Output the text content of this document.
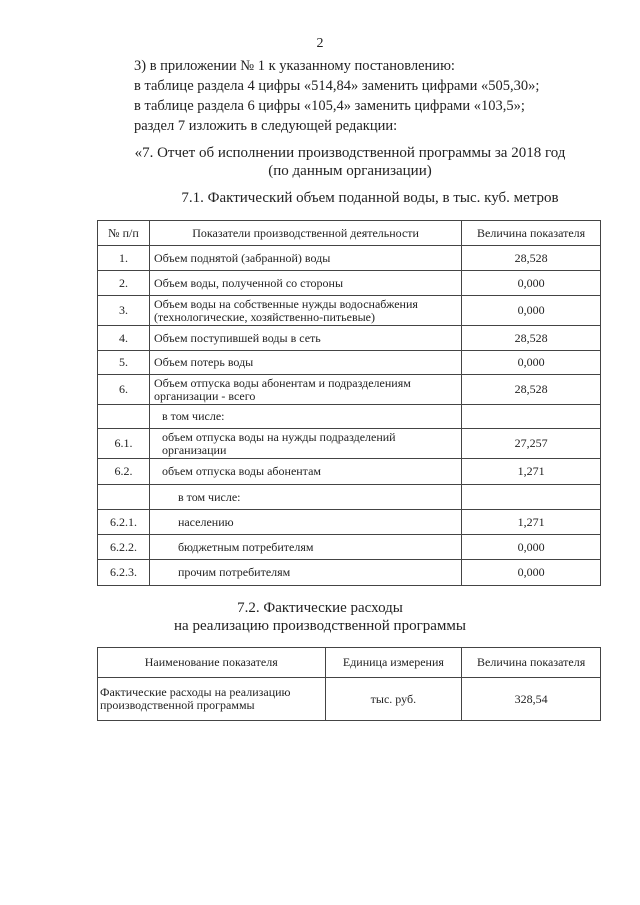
2
3) в приложении № 1 к указанному постановлению:
в таблице раздела 4 цифры «514,84» заменить цифрами «505,30»;
в таблице раздела 6 цифры «105,4» заменить цифрами «103,5»;
раздел 7 изложить в следующей редакции:
«7. Отчет об исполнении производственной программы за 2018 год
(по данным организации)
7.1. Фактический объем поданной воды, в тыс. куб. метров
№ п/п	Показатели производственной деятельности	Величина показателя
1.	Объем поднятой (забранной) воды	28,528
2.	Объем воды, полученной со стороны	0,000
3.	Объем воды на собственные нужды водоснабжения (технологические, хозяйственно-питьевые)	0,000
4.	Объем поступившей воды в сеть	28,528
5.	Объем потерь воды	0,000
6.	Объем отпуска воды абонентам и подразделениям организации - всего	28,528
	в том числе:	
6.1.	объем отпуска воды на нужды подразделений организации	27,257
6.2.	объем отпуска воды абонентам	1,271
	в том числе:	
6.2.1.	населению	1,271
6.2.2.	бюджетным потребителям	0,000
6.2.3.	прочим потребителям	0,000
7.2. Фактические расходы
на реализацию производственной программы
Наименование показателя	Единица измерения	Величина показателя
Фактические расходы на реализацию производственной программы	тыс. руб.	328,54
